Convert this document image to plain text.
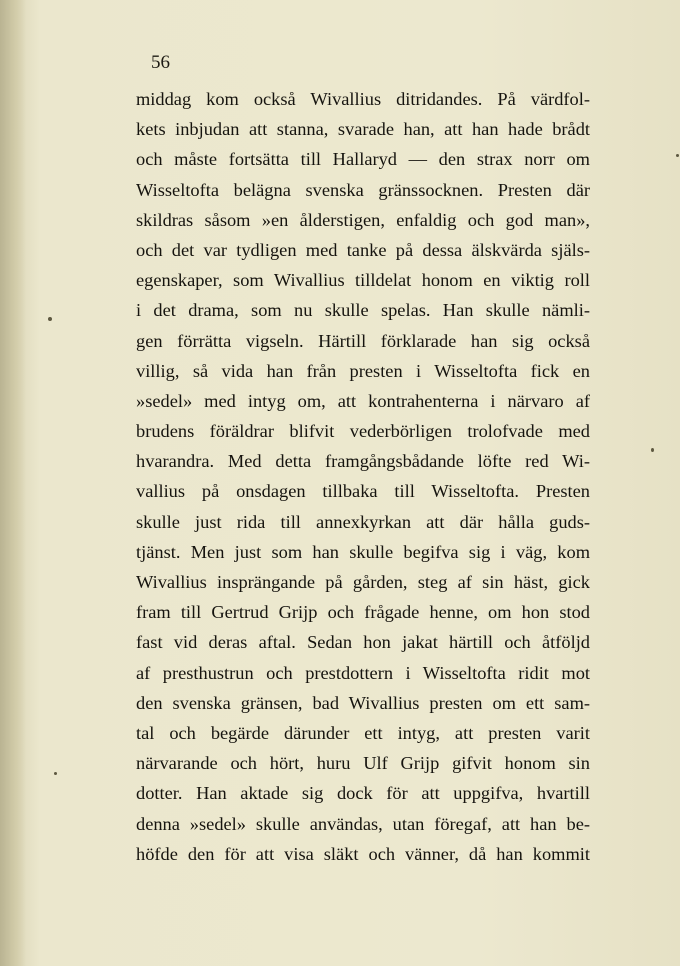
56
middag kom också Wivallius ditridandes. På värdfol-
kets inbjudan att stanna, svarade han, att han hade brådt
och måste fortsätta till Hallaryd — den strax norr om
Wisseltofta belägna svenska gränssocknen. Presten där
skildras såsom »en ålderstigen, enfaldig och god man»,
och det var tydligen med tanke på dessa älskvärda själs-
egenskaper, som Wivallius tilldelat honom en viktig roll
i det drama, som nu skulle spelas. Han skulle nämli-
gen förrätta vigseln. Härtill förklarade han sig också
villig, så vida han från presten i Wisseltofta fick en
»sedel» med intyg om, att kontrahenterna i närvaro af
brudens föräldrar blifvit vederbörligen trolofvade med
hvarandra. Med detta framgångsbådande löfte red Wi-
vallius på onsdagen tillbaka till Wisseltofta. Presten
skulle just rida till annexkyrkan att där hålla guds-
tjänst. Men just som han skulle begifva sig i väg, kom
Wivallius insprängande på gården, steg af sin häst, gick
fram till Gertrud Grijp och frågade henne, om hon stod
fast vid deras aftal. Sedan hon jakat härtill och åtföljd
af presthustrun och prestdottern i Wisseltofta ridit mot
den svenska gränsen, bad Wivallius presten om ett sam-
tal och begärde därunder ett intyg, att presten varit
närvarande och hört, huru Ulf Grijp gifvit honom sin
dotter. Han aktade sig dock för att uppgifva, hvartill
denna »sedel» skulle användas, utan föregaf, att han be-
höfde den för att visa släkt och vänner, då han kommit
